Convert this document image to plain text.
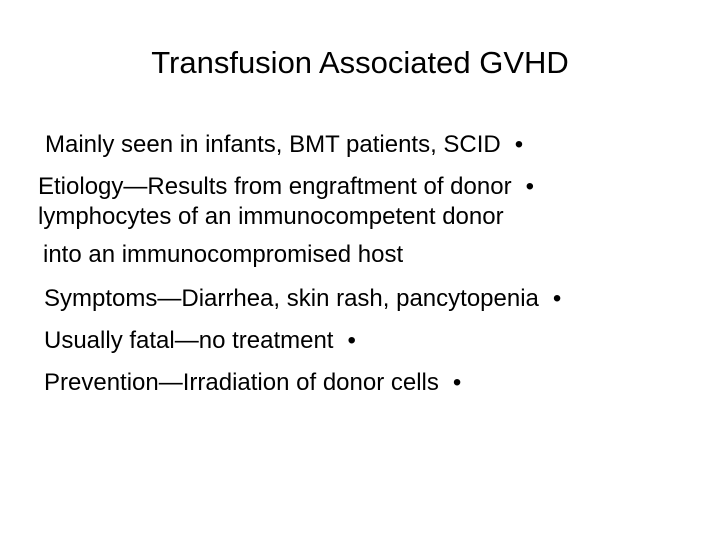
Transfusion Associated GVHD
Mainly seen in infants, BMT patients, SCID •
Etiology—Results from engraftment of donor •
lymphocytes of an immunocompetent donor
into an immunocompromised host
Symptoms—Diarrhea, skin rash, pancytopenia •
Usually fatal—no treatment •
Prevention—Irradiation of donor cells •
